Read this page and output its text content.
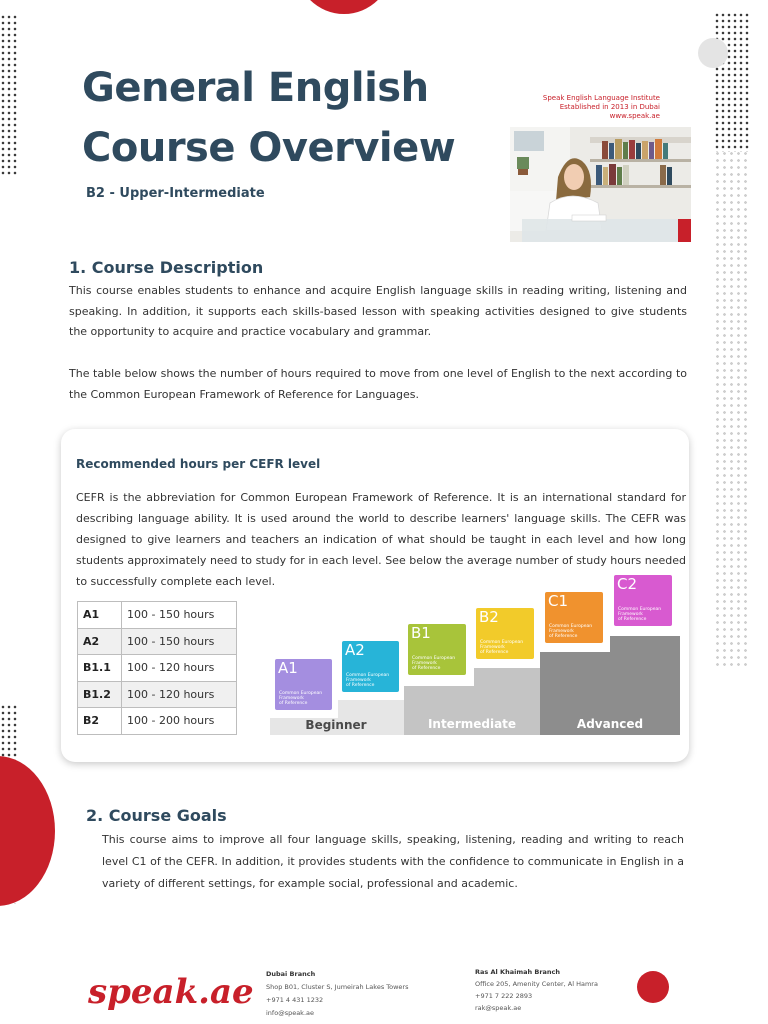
General English
Course Overview
B2 - Upper-Intermediate
Speak English Language Institute
Established in 2013 in Dubai
www.speak.ae
1. Course Description
This course enables students to enhance and acquire English language skills in reading writing, listening and speaking. In addition, it supports each skills-based lesson with speaking activities designed to give students the opportunity to acquire and practice vocabulary and grammar.
The table below shows the number of hours required to move from one level of English to the next according to the Common European Framework of Reference for Languages.
Recommended hours per CEFR level
CEFR is the abbreviation for Common European Framework of Reference. It is an international standard for describing language ability. It is used around the world to describe learners' language skills. The CEFR was designed to give learners and teachers an indication of what should be taught in each level and how long students approximately need to study for in each level. See below the average number of study hours needed to successfully complete each level.
A1	100 - 150 hours
A2	100 - 150 hours
B1.1	100 - 120 hours
B1.2	100 - 120 hours
B2	100 - 200 hours	Beginner	Intermediate	Advanced
A1
Common European
Framework
of Reference
A2
Common European
Framework
of Reference
B1
Common European
Framework
of Reference
B2
Common European
Framework
of Reference
C1
Common European
Framework
of Reference
C2
Common European
Framework
of Reference
2. Course Goals
This course aims to improve all four language skills, speaking, listening, reading and writing to reach level C1 of the CEFR. In addition, it provides students with the confidence to communicate in English in a variety of different settings, for example social, professional and academic.
speak.ae Dubai Branch
Shop B01, Cluster S, Jumeirah Lakes Towers
+971 4 431 1232
info@speak.ae
Ras Al Khaimah Branch
Office 205, Amenity Center, Al Hamra
+971 7 222 2893
rak@speak.ae
